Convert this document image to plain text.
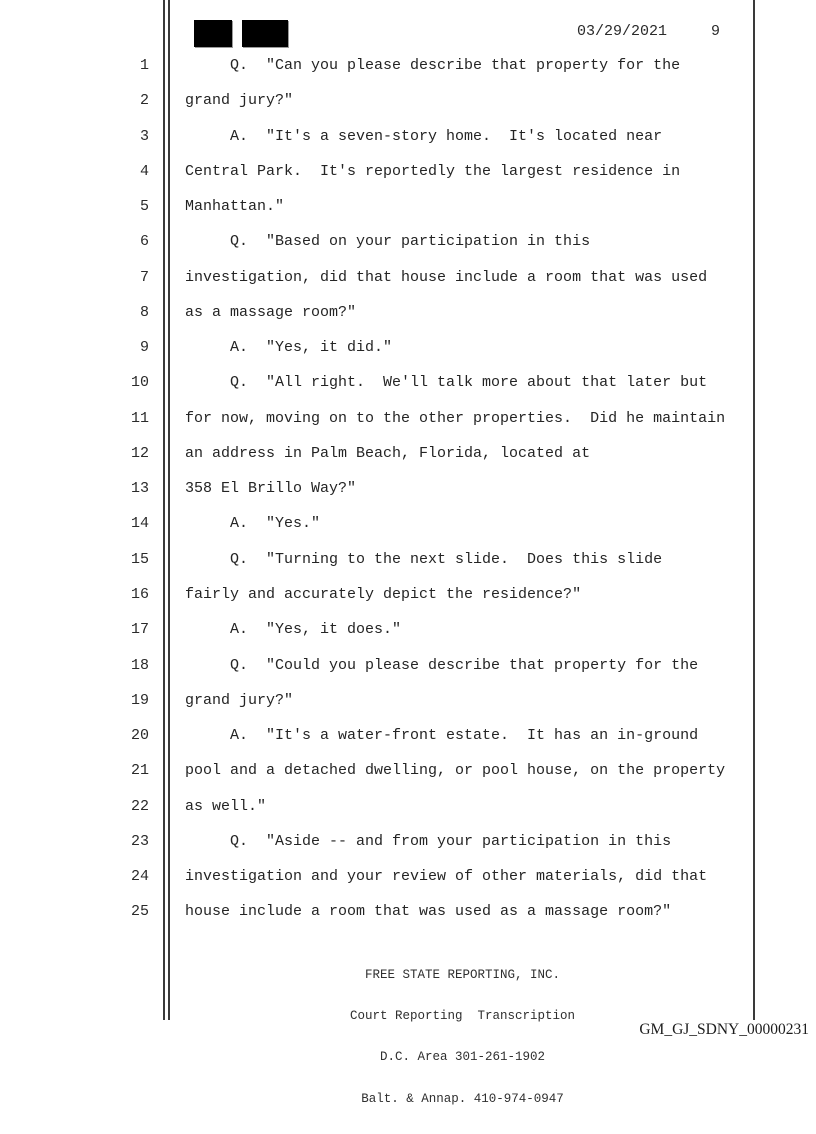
03/29/2021	9
1 Q.  "Can you please describe that property for the
2 grand jury?"
3 A.  "It's a seven-story home.  It's located near
4 Central Park.  It's reportedly the largest residence in
5 Manhattan."
6 Q.  "Based on your participation in this
7 investigation, did that house include a room that was used
8 as a massage room?"
9 A.  "Yes, it did."
10 Q.  "All right.  We'll talk more about that later but
11 for now, moving on to the other properties.  Did he maintain
12 an address in Palm Beach, Florida, located at
13 358 El Brillo Way?"
14 A.  "Yes."
15 Q.  "Turning to the next slide.  Does this slide
16 fairly and accurately depict the residence?"
17 A.  "Yes, it does."
18 Q.  "Could you please describe that property for the
19 grand jury?"
20 A.  "It's a water-front estate.  It has an in-ground
21 pool and a detached dwelling, or pool house, on the property
22 as well."
23 Q.  "Aside -- and from your participation in this
24 investigation and your review of other materials, did that
25 house include a room that was used as a massage room?"

FREE STATE REPORTING, INC.

Court Reporting  Transcription

D.C. Area 301-261-1902

Balt. & Annap. 410-974-0947

GM_GJ_SDNY_00000231
